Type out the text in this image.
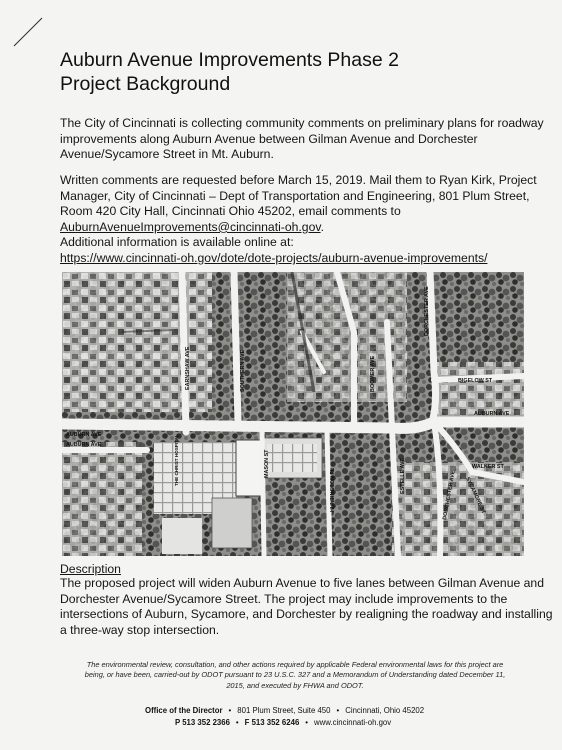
Auburn Avenue Improvements Phase 2
Project Background

The City of Cincinnati is collecting community comments on preliminary plans for roadway
improvements along Auburn Avenue between Gilman Avenue and Dorchester
Avenue/Sycamore Street in Mt. Auburn.

Written comments are requested before March 15, 2019. Mail them to Ryan Kirk, Project
Manager, City of Cincinnati – Dept of Transportation and Engineering, 801 Plum Street,
Room 420 City Hall, Cincinnati Ohio 45202, email comments to
AuburnAvenueImprovements@cincinnati-oh.gov.
Additional information is available online at:
https://www.cincinnati-oh.gov/dote/dote-projects/auburn-avenue-improvements/

AUBURN AVE
AUBURN AVE
EARNSHAW AVE	SOUTHERN AVE	BOOMER AVE
DORCHESTER AVE
BIGELOW ST
AUBURN AVE
WALKER ST
ESTELLE AVE
MASON ST
HUNTINGTON PL	DORCHESTER AVE SYCAMORE ST
THE CHRIST HOSPITAL

Description

The proposed project will widen Auburn Avenue to five lanes between Gilman Avenue and
Dorchester Avenue/Sycamore Street. The project may include improvements to the
intersections of Auburn, Sycamore, and Dorchester by realigning the roadway and installing
a three-way stop intersection.

The environmental review, consultation, and other actions required by applicable Federal environmental laws for this project are
being, or have been, carried-out by ODOT pursuant to 23 U.S.C. 327 and a Memorandum of Understanding dated December 11,
2015, and executed by FHWA and ODOT.
Office of the Director • 801 Plum Street, Suite 450 • Cincinnati, Ohio 45202
P 513 352 2366 • F 513 352 6246 • www.cincinnati-oh.gov
